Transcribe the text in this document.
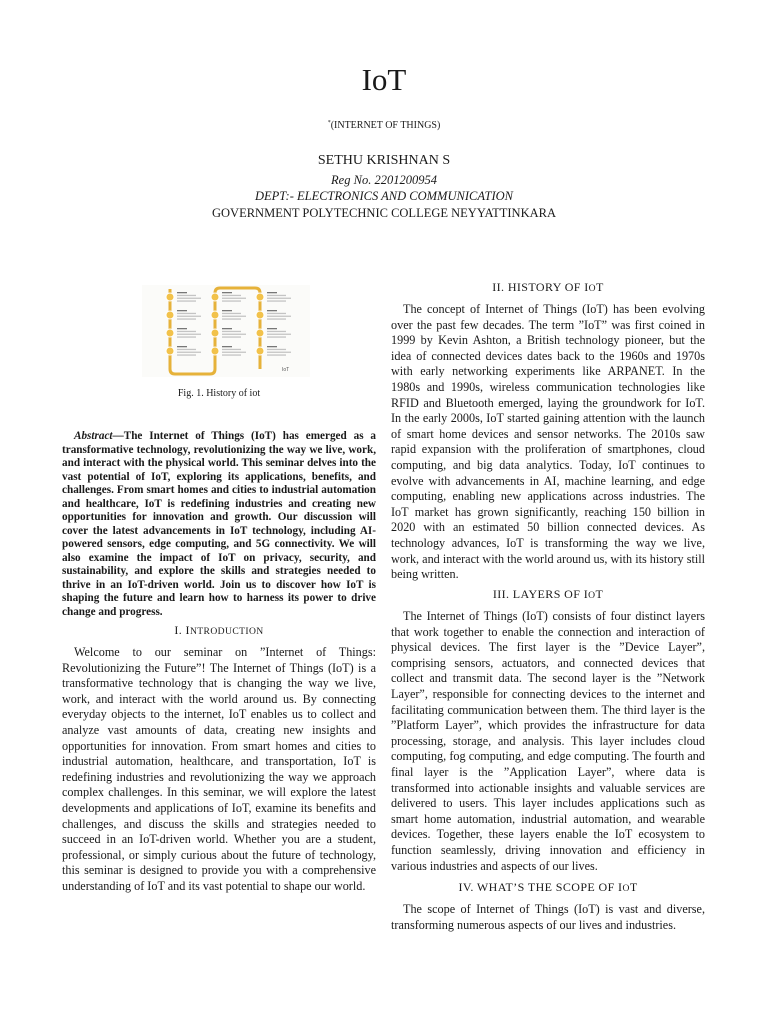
IoT
*(INTERNET OF THINGS)
SETHU KRISHNAN S
Reg No. 2201200954
DEPT:- ELECTRONICS AND COMMUNICATION
GOVERNMENT POLYTECHNIC COLLEGE NEYYATTINKARA
IoT
Fig. 1. History of iot

Abstract—The Internet of Things (IoT) has emerged as a transformative technology, revolutionizing the way we live, work, and interact with the physical world. This seminar delves into the vast potential of IoT, exploring its applications, benefits, and challenges. From smart homes and cities to industrial automation and healthcare, IoT is redefining industries and creating new opportunities for innovation and growth. Our discussion will cover the latest advancements in IoT technology, including AI-powered sensors, edge computing, and 5G connectivity. We will also examine the impact of IoT on privacy, security, and sustainability, and explore the skills and strategies needed to thrive in an IoT-driven world. Join us to discover how IoT is shaping the future and learn how to harness its power to drive change and progress.

I. INTRODUCTION

Welcome to our seminar on ”Internet of Things: Revolutionizing the Future”! The Internet of Things (IoT) is a transformative technology that is changing the way we live, work, and interact with the world around us. By connecting everyday objects to the internet, IoT enables us to collect and analyze vast amounts of data, creating new insights and opportunities for innovation. From smart homes and cities to industrial automation, healthcare, and transportation, IoT is redefining industries and revolutionizing the way we approach complex challenges. In this seminar, we will explore the latest developments and applications of IoT, examine its benefits and challenges, and discuss the skills and strategies needed to succeed in an IoT-driven world. Whether you are a student, professional, or simply curious about the future of technology, this seminar is designed to provide you with a comprehensive understanding of IoT and its vast potential to shape our world.

II. HISTORY OF IOT

The concept of Internet of Things (IoT) has been evolving over the past few decades. The term ”IoT” was first coined in 1999 by Kevin Ashton, a British technology pioneer, but the idea of connected devices dates back to the 1960s and 1970s with early networking experiments like ARPANET. In the 1980s and 1990s, wireless communication technologies like RFID and Bluetooth emerged, laying the groundwork for IoT. In the early 2000s, IoT started gaining attention with the launch of smart home devices and sensor networks. The 2010s saw rapid expansion with the proliferation of smartphones, cloud computing, and big data analytics. Today, IoT continues to evolve with advancements in AI, machine learning, and edge computing, enabling new applications across industries. The IoT market has grown significantly, reaching 150 billion in 2020 with an estimated 50 billion connected devices. As technology advances, IoT is transforming the way we live, work, and interact with the world around us, with its history still being written.

III. LAYERS OF IOT

The Internet of Things (IoT) consists of four distinct layers that work together to enable the connection and interaction of physical devices. The first layer is the ”Device Layer”, comprising sensors, actuators, and connected devices that collect and transmit data. The second layer is the ”Network Layer”, responsible for connecting devices to the internet and facilitating communication between them. The third layer is the ”Platform Layer”, which provides the infrastructure for data processing, storage, and analysis. This layer includes cloud computing, fog computing, and edge computing. The fourth and final layer is the ”Application Layer”, where data is transformed into actionable insights and valuable services are delivered to users. This layer includes applications such as smart home automation, industrial automation, and wearable devices. Together, these layers enable the IoT ecosystem to function seamlessly, driving innovation and efficiency in various industries and aspects of our lives.

IV. WHAT’S THE SCOPE OF IOT

The scope of Internet of Things (IoT) is vast and diverse, transforming numerous aspects of our lives and industries.
